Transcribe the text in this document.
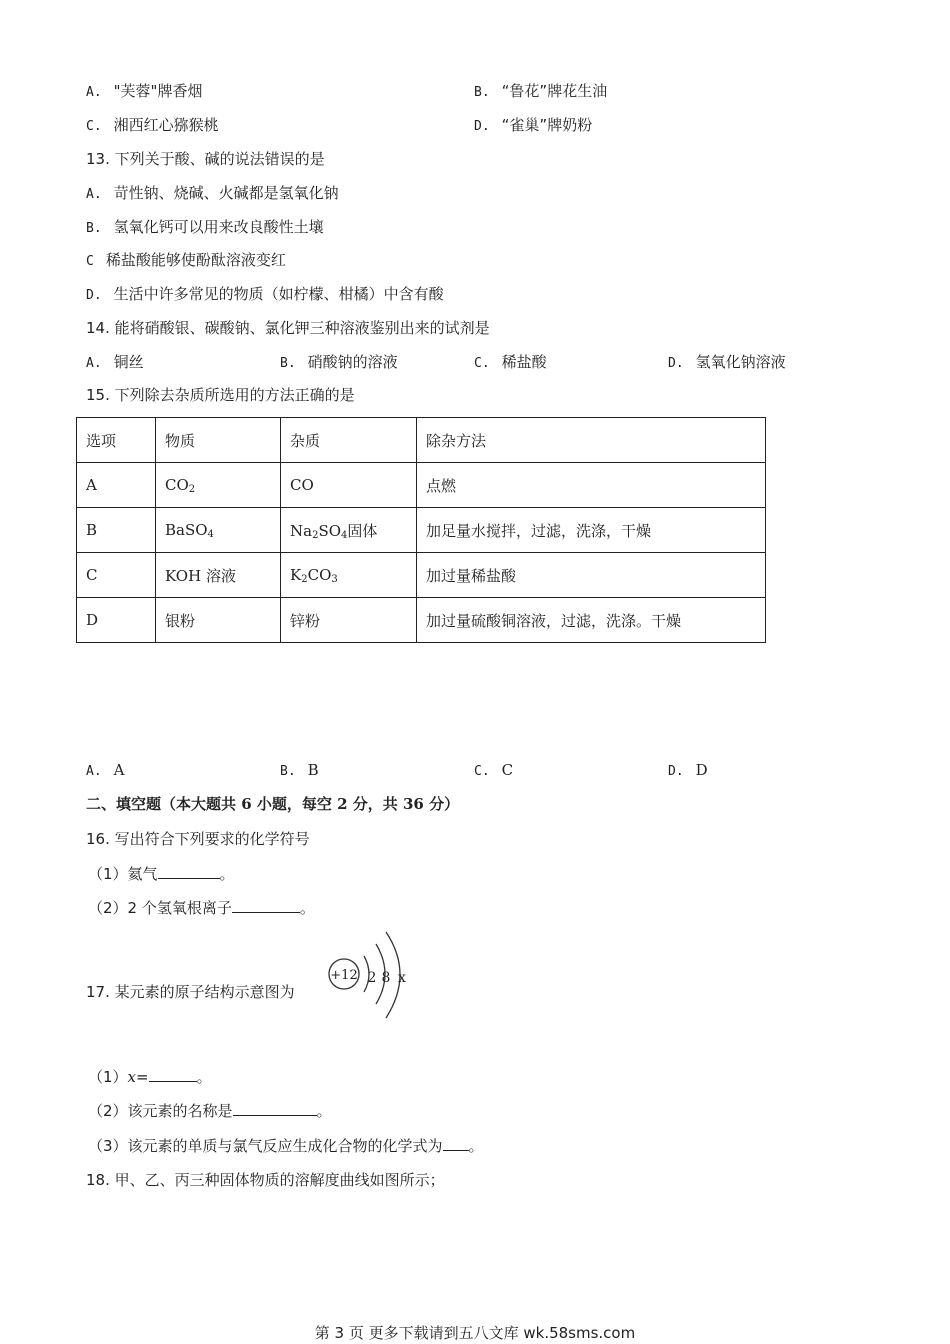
A. "芙蓉"牌香烟	B. “鲁花”牌花生油
C. 湘西红心猕猴桃	D. “雀巢”牌奶粉
13. 下列关于酸、碱的说法错误的是
A. 苛性钠、烧碱、火碱都是氢氧化钠
B. 氢氧化钙可以用来改良酸性土壤
C 稀盐酸能够使酚酞溶液变红
D. 生活中许多常见的物质（如柠檬、柑橘）中含有酸
14. 能将硝酸银、碳酸钠、氯化钾三种溶液鉴别出来的试剂是
A. 铜丝	B. 硝酸钠的溶液	C. 稀盐酸	D. 氢氧化钠溶液
15. 下列除去杂质所选用的方法正确的是
选项	物质	杂质	除杂方法
A	$CO_2$	CO	点燃
B	BaSO$_4$	$Na_2SO_4$固体	加足量水搅拌，过滤，洗涤，干燥
C	KOH 溶液	$K_2CO_3$	加过量稀盐酸
D	银粉	锌粉	加过量硫酸铜溶液，过滤，洗涤。干燥
A. A	B. B	C. C	D. D
二、填空题（本大题共 6 小题，每空 2 分，共 36 分）
16. 写出符合下列要求的化学符号
（1）氦气	。
（2）2 个氢氧根离子	。
17. 某元素的原子结构示意图为
+12 2 8 x
（1）x=	。
（2）该元素的名称是	。
（3）该元素的单质与氯气反应生成化合物的化学式为 。
18. 甲、乙、丙三种固体物质的溶解度曲线如图所示；
第 3 页 更多下载请到五八文库 wk.58sms.com
